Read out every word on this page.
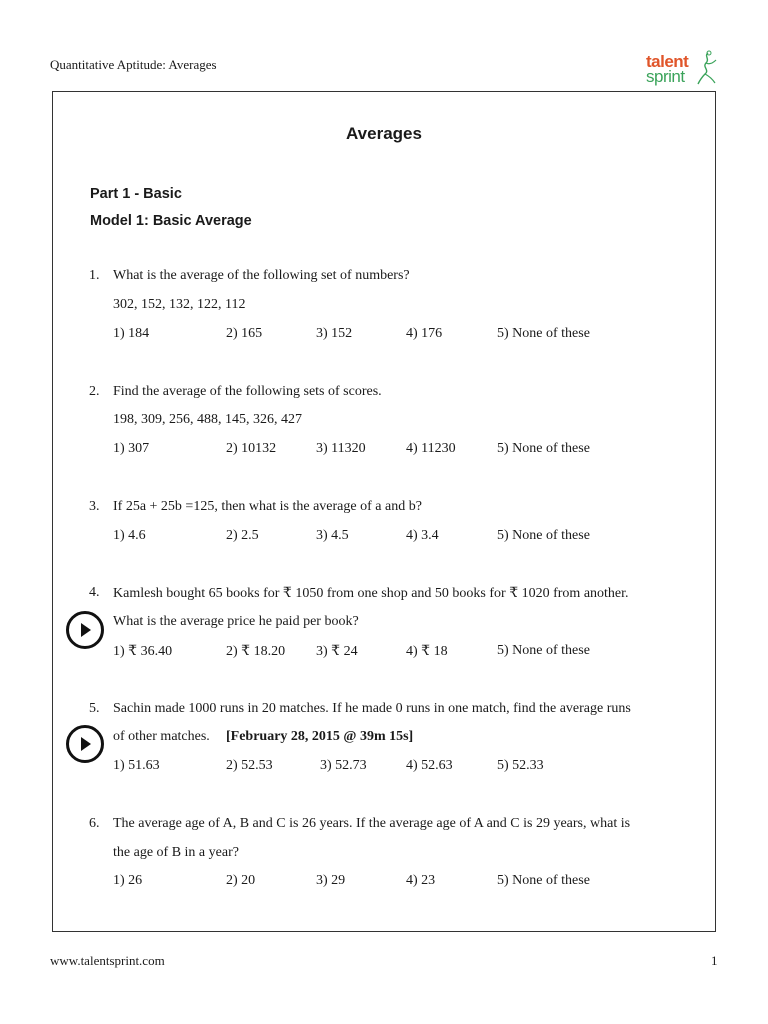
Quantitative Aptitude: Averages	talent
sprint
Averages
Part 1 - Basic
Model 1: Basic Average
1. What is the average of the following set of numbers?
302, 152, 132, 122, 112
1) 184	2) 165	3) 152	4) 176	5) None of these
2. Find the average of the following sets of scores.
198, 309, 256, 488, 145, 326, 427
1) 307	2) 10132	3) 11320	4) 11230	5) None of these
3. If 25a + 25b =125, then what is the average of a and b?
1) 4.6	2) 2.5	3) 4.5	4) 3.4	5) None of these
4. Kamlesh bought 65 books for ₹ 1050 from one shop and 50 books for ₹ 1020 from another.
What is the average price he paid per book?
1) ₹ 36.40	2) ₹ 18.20 3) ₹ 24	4) ₹ 18	5) None of these
5. Sachin made 1000 runs in 20 matches. If he made 0 runs in one match, find the average runs
of other matches. [February 28, 2015 @ 39m 15s]
1) 51.63	2) 52.53	3) 52.73	4) 52.63	5) 52.33
6. The average age of A, B and C is 26 years. If the average age of A and C is 29 years, what is
the age of B in a year?
1) 26	2) 20	3) 29	4) 23	5) None of these
www.talentsprint.com	1
